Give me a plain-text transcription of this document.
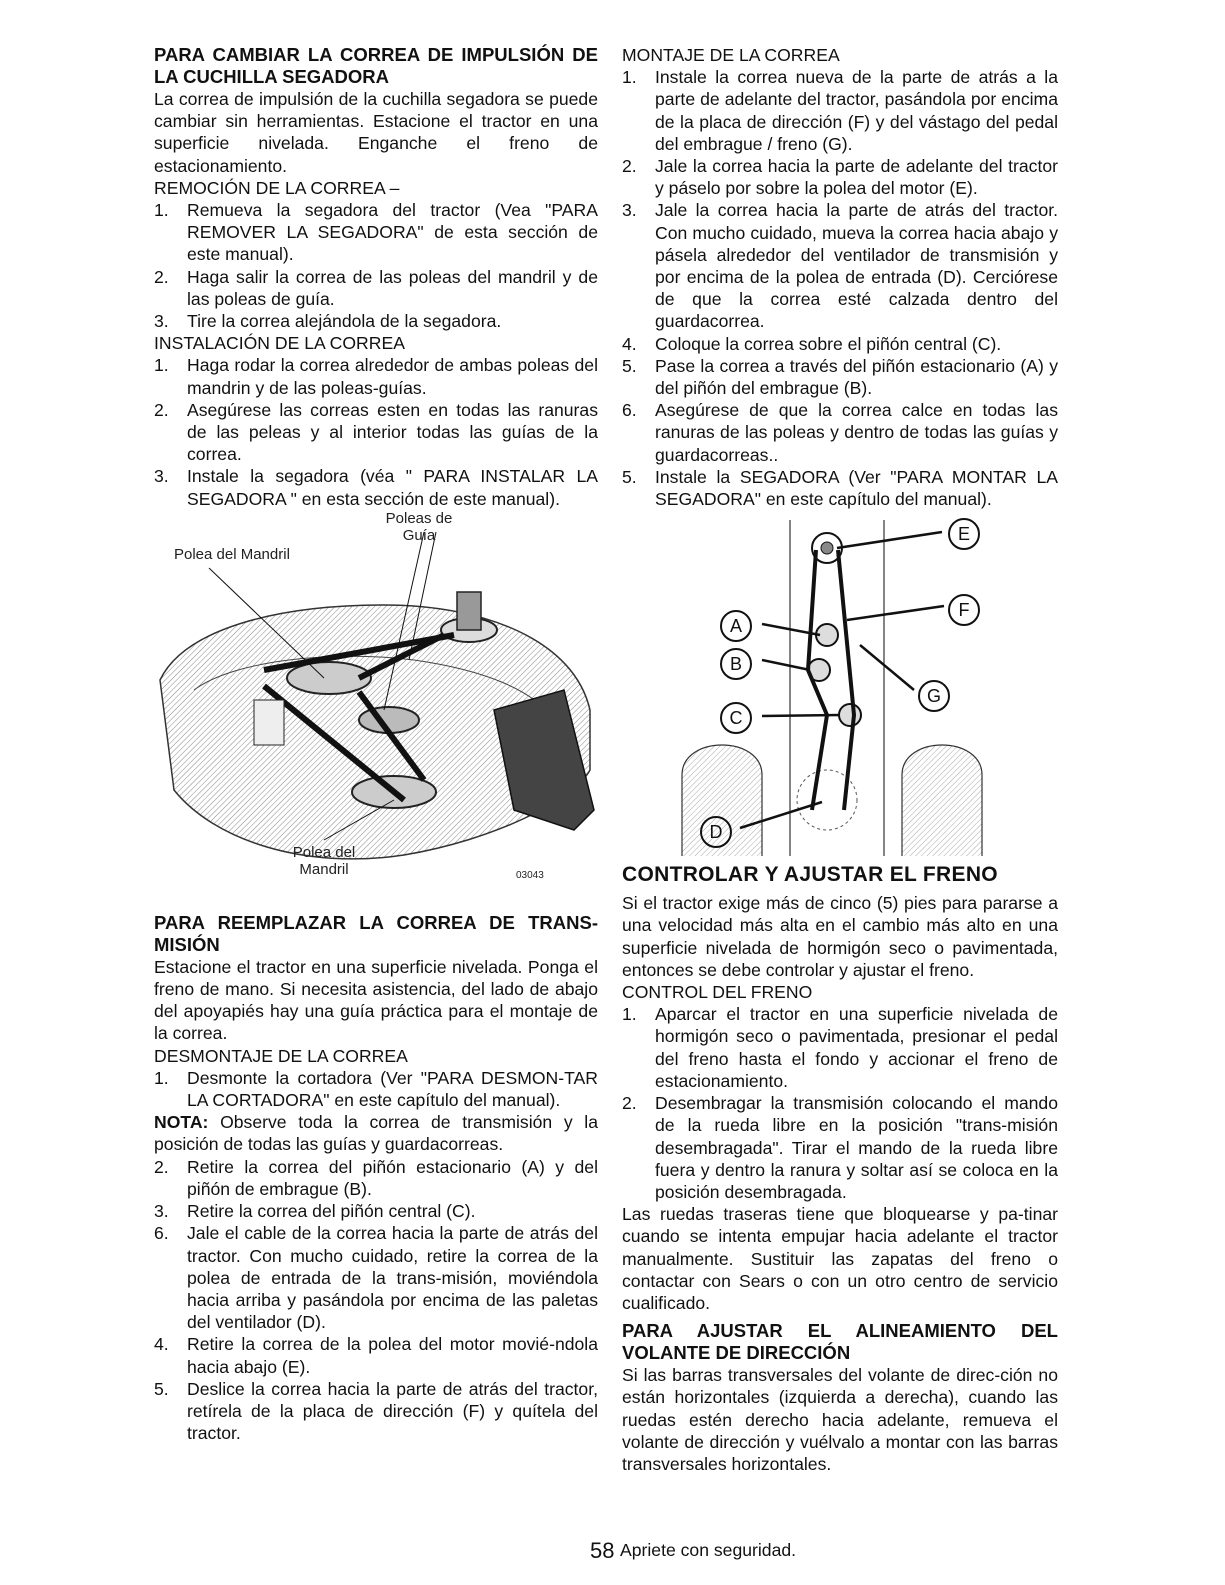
PARA CAMBIAR LA CORREA DE IMPULSIÓN DE LA CUCHILLA SEGADORA

La correa de impulsión de la cuchilla segadora se puede cambiar sin herramientas. Estacione el tractor en una superficie nivelada. Enganche el freno de estacionamiento.

REMOCIÓN DE LA CORREA –

1.	Remueva la segadora del tractor (Vea "PARA REMOVER LA SEGADORA" de esta sección de este manual).
2.	Haga salir la correa de las poleas del mandril y de las poleas de guía.
3.	Tire la correa alejándola de la segadora.

INSTALACIÓN DE LA CORREA

1.	Haga rodar la correa alrededor de ambas poleas del mandrin y de las poleas-guías.
2.	Asegúrese las correas esten en todas las ranuras de las peleas y al interior todas las guías de la correa.
3.	Instale la segadora (véa " PARA INSTALAR LA SEGADORA " en esta sección de este manual).
Poleas de
Guía
Polea del Mandril
Polea del
Mandril	03043

PARA REEMPLAZAR LA CORREA DE TRANS-MISIÓN

Estacione el tractor en una superficie nivelada. Ponga el freno de mano. Si necesita asistencia, del lado de abajo del apoyapiés hay una guía práctica para el montaje de la correa.

DESMONTAJE DE LA CORREA

1.	Desmonte la cortadora (Ver "PARA DESMON-TAR LA CORTADORA" en este capítulo del manual).

NOTA: Observe toda la correa de transmisión y la posición de todas las guías y guardacorreas.

2.	Retire la correa del piñón estacionario (A) y del piñón de embrague (B).
3.	Retire la correa del piñón central (C).
6.	Jale el cable de la correa hacia la parte de atrás del tractor. Con mucho cuidado, retire la correa de la polea de entrada de la trans-misión, moviéndola hacia arriba y pasándola por encima de las paletas del ventilador (D).
4.	Retire la correa de la polea del motor movié-ndola hacia abajo (E).
5.	Deslice la correa hacia la parte de atrás del tractor, retírela de la placa de dirección (F) y quítela del tractor.

MONTAJE DE LA CORREA

1.	Instale la correa nueva de la parte de atrás a la parte de adelante del tractor, pasándola por encima de la placa de dirección (F) y del vástago del pedal del embrague / freno (G).
2.	Jale la correa hacia la parte de adelante del tractor y páselo por sobre la polea del motor (E).
3.	Jale la correa hacia la parte de atrás del tractor. Con mucho cuidado, mueva la correa hacia abajo y pásela alrededor del ventilador de transmisión y por encima de la polea de entrada (D). Cerciórese de que la correa esté calzada dentro del guardacorrea.
4.	Coloque la correa sobre el piñón central (C).
5.	Pase la correa a través del piñón estacionario (A) y del piñón del embrague (B).
6.	Asegúrese de que la correa calce en todas las ranuras de las poleas y dentro de todas las guías y guardacorreas..
5.	Instale la SEGADORA (Ver "PARA MONTAR LA SEGADORA" en este capítulo del manual).
E
F
A
B
G
C
D

CONTROLAR Y AJUSTAR EL FRENO

Si el tractor exige más de cinco (5) pies para pararse a una velocidad más alta en el cambio más alto en una superficie nivelada de hormigón seco o pavimentada, entonces se debe controlar y ajustar el freno.

CONTROL DEL FRENO

1.	Aparcar el tractor en una superficie nivelada de hormigón seco o pavimentada, presionar el pedal del freno hasta el fondo y accionar el freno de estacionamiento.
2.	Desembragar la transmisión colocando el mando de la rueda libre en la posición "trans-misión desembragada". Tirar el mando de la rueda libre fuera y dentro la ranura y soltar así se coloca en la posición desembragada.

Las ruedas traseras tiene que bloquearse y pa-tinar cuando se intenta empujar hacia adelante el tractor manualmente. Sustituir las zapatas del freno o contactar con Sears o con un otro centro de servicio cualificado.

PARA AJUSTAR EL ALINEAMIENTO DEL VOLANTE DE DIRECCIÓN

Si las barras transversales del volante de direc-ción no están horizontales (izquierda a derecha), cuando las ruedas estén derecho hacia adelante, remueva el volante de dirección y vuélvalo a montar con las barras transversales horizontales.

58 Apriete con seguridad.
